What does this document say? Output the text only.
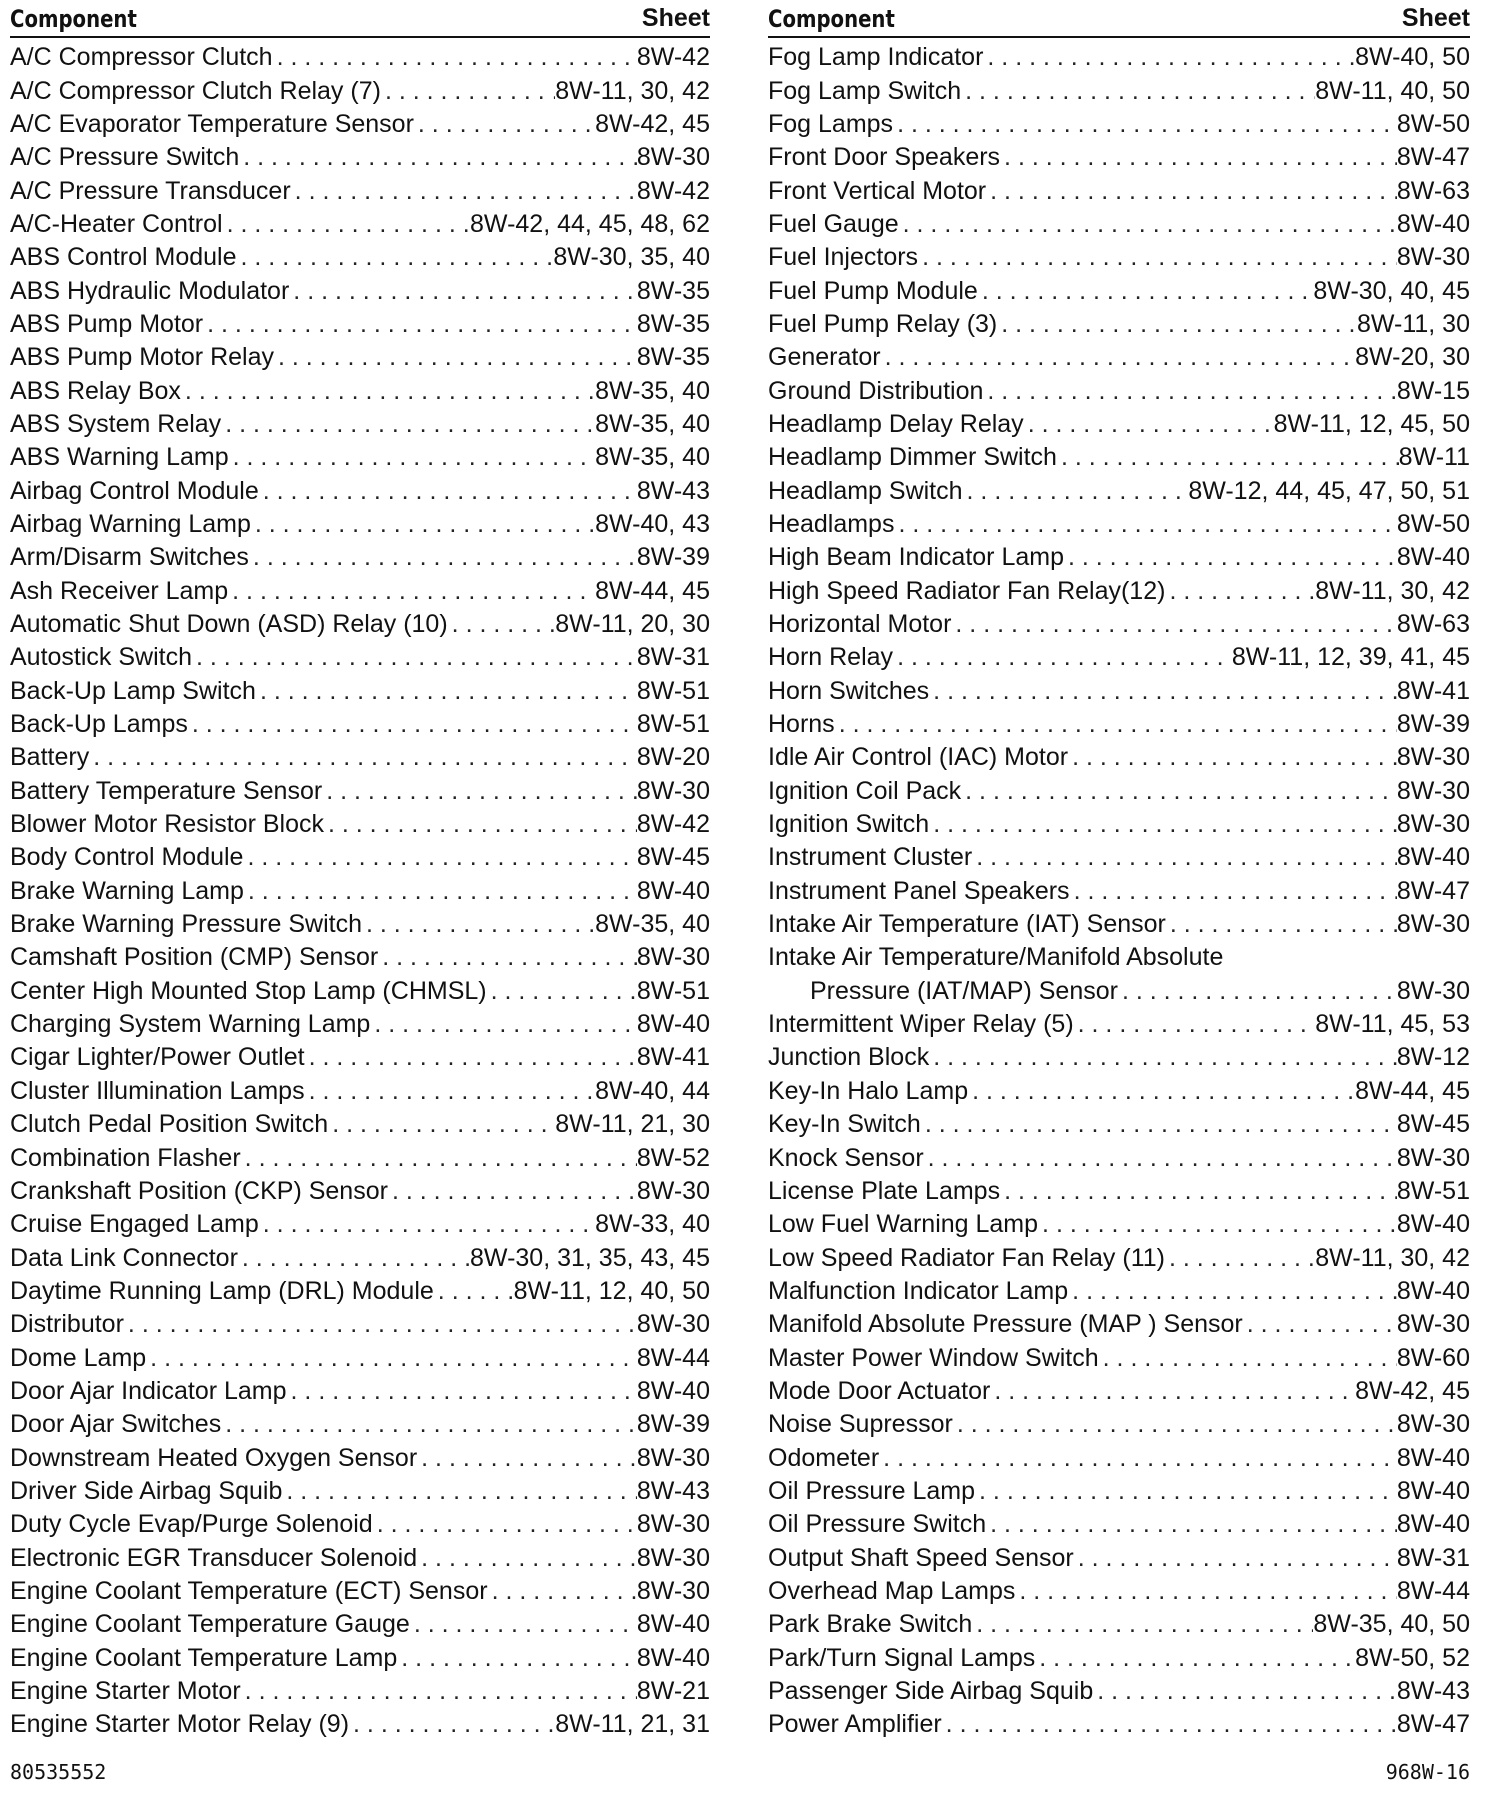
Component	Sheet
A/C Compressor Clutch . . .	8W-42
A/C Compressor Clutch Relay (7) . . .	8W-11, 30, 42
A/C Evaporator Temperature Sensor . . .	8W-42, 45
A/C Pressure Switch . . .	8W-30
A/C Pressure Transducer . . .	8W-42
A/C-Heater Control . . .	8W-42, 44, 45, 48, 62
ABS Control Module . . .	8W-30, 35, 40
ABS Hydraulic Modulator . . .	8W-35
ABS Pump Motor . . .	8W-35
ABS Pump Motor Relay . . .	8W-35
ABS Relay Box . . .	8W-35, 40
ABS System Relay . . .	8W-35, 40
ABS Warning Lamp . . .	8W-35, 40
Airbag Control Module . . .	8W-43
Airbag Warning Lamp . . .	8W-40, 43
Arm/Disarm Switches . . .	8W-39
Ash Receiver Lamp . . .	8W-44, 45
Automatic Shut Down (ASD) Relay (10) . . .	8W-11, 20, 30
Autostick Switch . . .	8W-31
Back-Up Lamp Switch . . .	8W-51
Back-Up Lamps . . .	8W-51
Battery . . .	8W-20
Battery Temperature Sensor . . .	8W-30
Blower Motor Resistor Block . . .	8W-42
Body Control Module . . .	8W-45
Brake Warning Lamp . . .	8W-40
Brake Warning Pressure Switch . . .	8W-35, 40
Camshaft Position (CMP) Sensor . . .	8W-30
Center High Mounted Stop Lamp (CHMSL) . . .	8W-51
Charging System Warning Lamp . . .	8W-40
Cigar Lighter/Power Outlet . . .	8W-41
Cluster Illumination Lamps . . .	8W-40, 44
Clutch Pedal Position Switch . . .	8W-11, 21, 30
Combination Flasher . . .	8W-52
Crankshaft Position (CKP) Sensor . . .	8W-30
Cruise Engaged Lamp . . .	8W-33, 40
Data Link Connector . . .	8W-30, 31, 35, 43, 45
Daytime Running Lamp (DRL) Module . . .	8W-11, 12, 40, 50
Distributor . . .	8W-30
Dome Lamp . . .	8W-44
Door Ajar Indicator Lamp . . .	8W-40
Door Ajar Switches . . .	8W-39
Downstream Heated Oxygen Sensor . . .	8W-30
Driver Side Airbag Squib . . .	8W-43
Duty Cycle Evap/Purge Solenoid . . .	8W-30
Electronic EGR Transducer Solenoid . . .	8W-30
Engine Coolant Temperature (ECT) Sensor . . .	8W-30
Engine Coolant Temperature Gauge . . .	8W-40
Engine Coolant Temperature Lamp . . .	8W-40
Engine Starter Motor . . .	8W-21
Engine Starter Motor Relay (9) . . .	8W-11, 21, 31
Component	Sheet
Fog Lamp Indicator . . .	8W-40, 50
Fog Lamp Switch . . .	8W-11, 40, 50
Fog Lamps . . .	8W-50
Front Door Speakers . . .	8W-47
Front Vertical Motor . . .	8W-63
Fuel Gauge . . .	8W-40
Fuel Injectors . . .	8W-30
Fuel Pump Module . . .	8W-30, 40, 45
Fuel Pump Relay (3) . . .	8W-11, 30
Generator . . .	8W-20, 30
Ground Distribution . . .	8W-15
Headlamp Delay Relay . . .	8W-11, 12, 45, 50
Headlamp Dimmer Switch . . .	8W-11
Headlamp Switch . . .	8W-12, 44, 45, 47, 50, 51
Headlamps . . .	8W-50
High Beam Indicator Lamp . . .	8W-40
High Speed Radiator Fan Relay(12) . . .	8W-11, 30, 42
Horizontal Motor . . .	8W-63
Horn Relay . . .	8W-11, 12, 39, 41, 45
Horn Switches . . .	8W-41
Horns . . .	8W-39
Idle Air Control (IAC) Motor . . .	8W-30
Ignition Coil Pack . . .	8W-30
Ignition Switch . . .	8W-30
Instrument Cluster . . .	8W-40
Instrument Panel Speakers . . .	8W-47
Intake Air Temperature (IAT) Sensor . . .	8W-30
Intake Air Temperature/Manifold Absolute
Pressure (IAT/MAP) Sensor . . .	8W-30
Intermittent Wiper Relay (5) . . .	8W-11, 45, 53
Junction Block . . .	8W-12
Key-In Halo Lamp . . .	8W-44, 45
Key-In Switch . . .	8W-45
Knock Sensor . . .	8W-30
License Plate Lamps . . .	8W-51
Low Fuel Warning Lamp . . .	8W-40
Low Speed Radiator Fan Relay (11) . . .	8W-11, 30, 42
Malfunction Indicator Lamp . . .	8W-40
Manifold Absolute Pressure (MAP ) Sensor . . .	8W-30
Master Power Window Switch . . .	8W-60
Mode Door Actuator . . .	8W-42, 45
Noise Supressor . . .	8W-30
Odometer . . .	8W-40
Oil Pressure Lamp . . .	8W-40
Oil Pressure Switch . . .	8W-40
Output Shaft Speed Sensor . . .	8W-31
Overhead Map Lamps . . .	8W-44
Park Brake Switch . . .	8W-35, 40, 50
Park/Turn Signal Lamps . . .	8W-50, 52
Passenger Side Airbag Squib . . .	8W-43
Power Amplifier . . .	8W-47
80535552	968W-16
